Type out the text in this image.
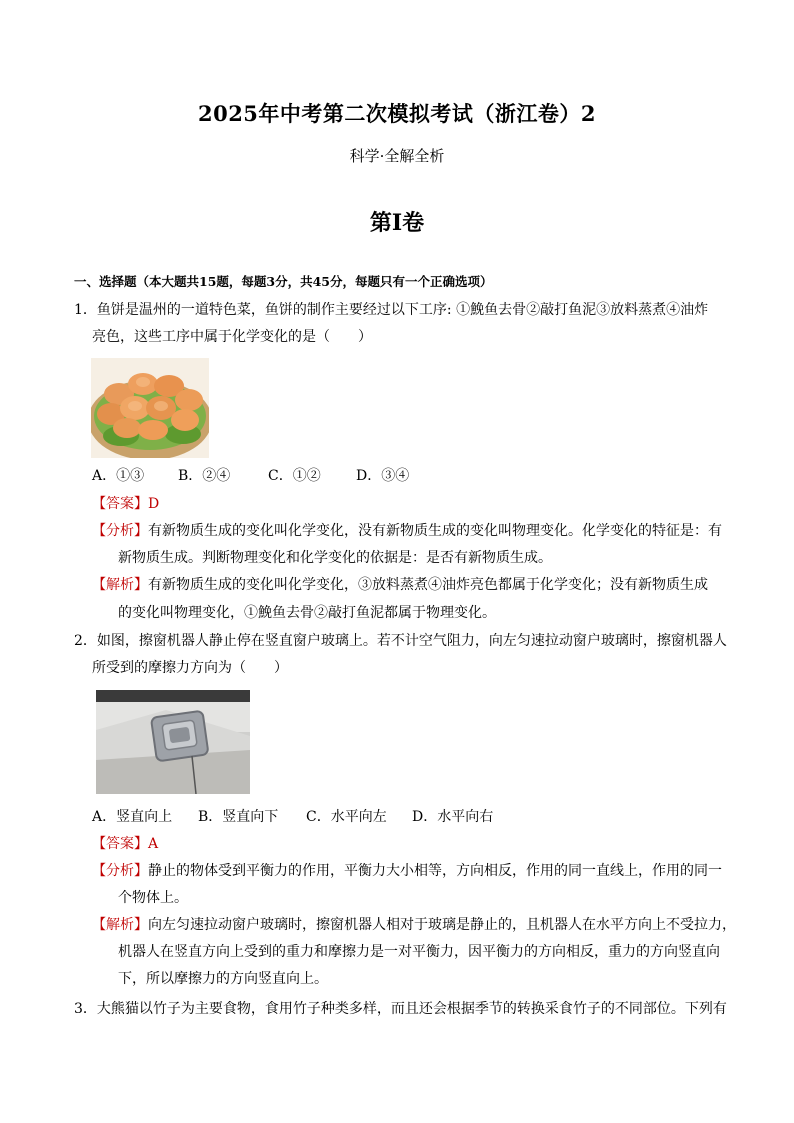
2025年中考第二次模拟考试（浙江卷）2
科学·全解全析
第Ⅰ卷
一、选择题（本大题共15题，每题3分，共45分，每题只有一个正确选项）
1．鱼饼是温州的一道特色菜，鱼饼的制作主要经过以下工序: ①鮸鱼去骨②敲打鱼泥③放料蒸煮④油炸
亮色，这些工序中属于化学变化的是（　　）
A．①③ B．②④	C．①②	D．③④
【答案】D
【分析】有新物质生成的变化叫化学变化，没有新物质生成的变化叫物理变化。化学变化的特征是：有
新物质生成。判断物理变化和化学变化的依据是：是否有新物质生成。
【解析】有新物质生成的变化叫化学变化，③放料蒸煮④油炸亮色都属于化学变化；没有新物质生成
的变化叫物理变化，①鮸鱼去骨②敲打鱼泥都属于物理变化。
2．如图，擦窗机器人静止停在竖直窗户玻璃上。若不计空气阻力，向左匀速拉动窗户玻璃时，擦窗机器人
所受到的摩擦力方向为（　　）
A．竖直向上 B．竖直向下 C．水平向左 D．水平向右
【答案】A
【分析】静止的物体受到平衡力的作用，平衡力大小相等，方向相反，作用的同一直线上，作用的同一
个物体上。
【解析】向左匀速拉动窗户玻璃时，擦窗机器人相对于玻璃是静止的，且机器人在水平方向上不受拉力，
机器人在竖直方向上受到的重力和摩擦力是一对平衡力，因平衡力的方向相反，重力的方向竖直向
下，所以摩擦力的方向竖直向上。
3．大熊猫以竹子为主要食物，食用竹子种类多样，而且还会根据季节的转换采食竹子的不同部位。下列有
